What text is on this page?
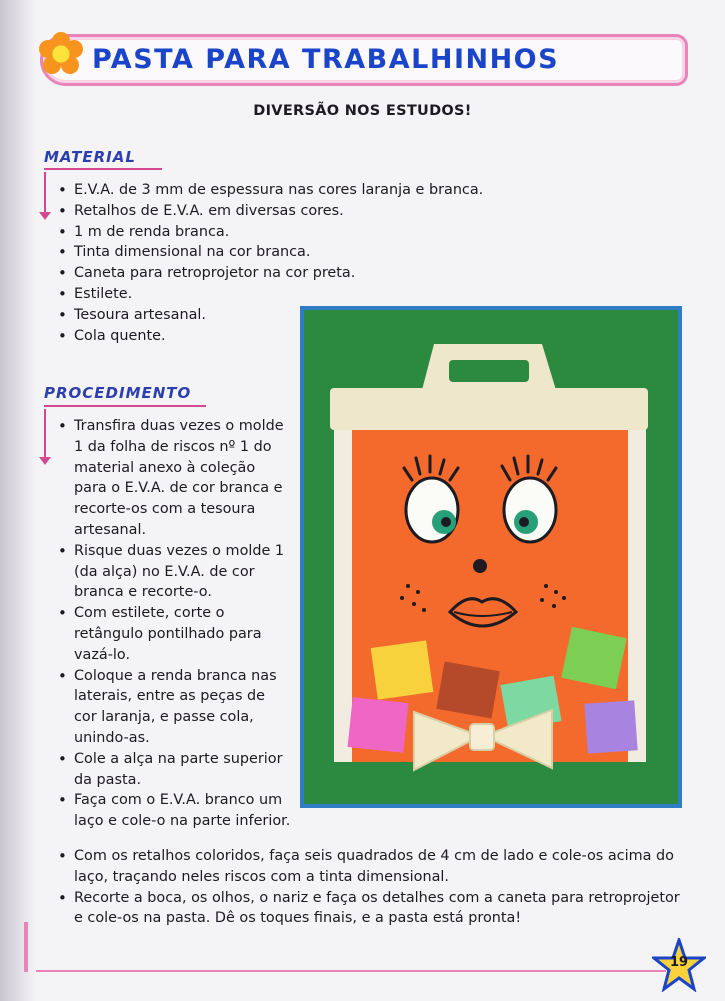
PASTA PARA TRABALHINHOS
DIVERSÃO NOS ESTUDOS!
MATERIAL
• E.V.A. de 3 mm de espessura nas cores laranja e branca.
• Retalhos de E.V.A. em diversas cores.
• 1 m de renda branca.
• Tinta dimensional na cor branca.
• Caneta para retroprojetor na cor preta.
• Estilete.
• Tesoura artesanal.
• Cola quente.
PROCEDIMENTO
• Transfira duas vezes o molde 1 da folha de riscos nº 1 do material anexo à coleção para o E.V.A. de cor branca e recorte-os com a tesoura artesanal.
• Risque duas vezes o molde 1 (da alça) no E.V.A. de cor branca e recorte-o.
• Com estilete, corte o retângulo pontilhado para vazá-lo.
• Coloque a renda branca nas laterais, entre as peças de cor laranja, e passe cola, unindo-as.
• Cole a alça na parte superior da pasta.
• Faça com o E.V.A. branco um laço e cole-o na parte inferior.
• Com os retalhos coloridos, faça seis quadrados de 4 cm de lado e cole-os acima do laço, traçando neles riscos com a tinta dimensional.
• Recorte a boca, os olhos, o nariz e faça os detalhes com a caneta para retroprojetor e cole-os na pasta. Dê os toques finais, e a pasta está pronta!
19
